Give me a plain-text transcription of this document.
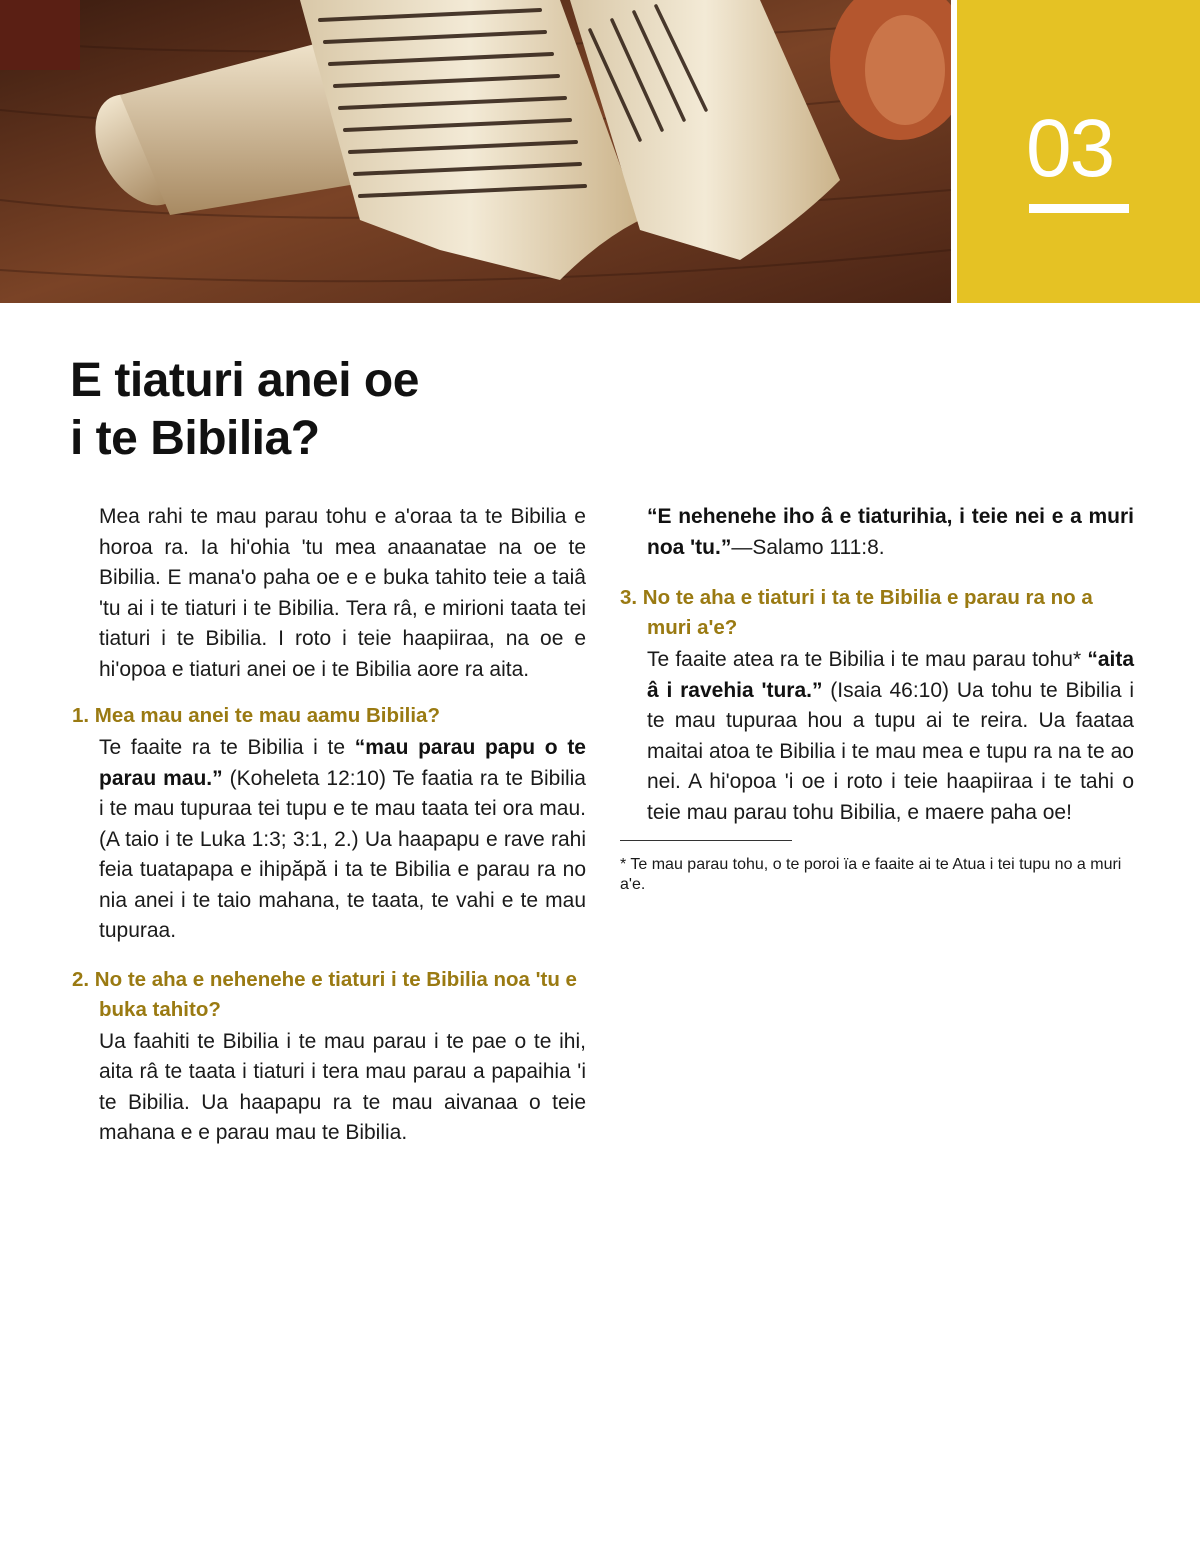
03
E tiaturi anei oe
i te Bibilia?

Mea rahi te mau parau tohu e a'oraa ta te Bibilia e horoa ra. Ia hi'ohia 'tu mea anaanatae na oe te Bibilia. E mana'o paha oe e e buka tahito teie a taiâ 'tu ai i te tiaturi i te Bibilia. Tera râ, e mirioni taata tei tiaturi i te Bibilia. I roto i teie haapiiraa, na oe e hi'opoa e tiaturi anei oe i te Bibilia aore ra aita.

1. Mea mau anei te mau aamu Bibilia?

Te faaite ra te Bibilia i te “mau parau papu o te parau mau.” (Koheleta 12:10) Te faatia ra te Bibilia i te mau tupuraa tei tupu e te mau taata tei ora mau. (A taio i te Luka 1:3; 3:1, 2.) Ua haapapu e rave rahi feia tuatapapa e ihipăpă i ta te Bibilia e parau ra no nia anei i te taio mahana, te taata, te vahi e te mau tupuraa.

2. No te aha e nehenehe e tiaturi i te Bibilia noa 'tu e buka tahito?

Ua faahiti te Bibilia i te mau parau i te pae o te ihi, aita râ te taata i tiaturi i tera mau parau a papaihia 'i te Bibilia. Ua haapapu ra te mau aivanaa o teie mahana e e parau mau te Bibilia.

“E nehenehe iho â e tiaturihia, i teie nei e a muri noa 'tu.”—Salamo 111:8.

3. No te aha e tiaturi i ta te Bibilia e parau ra no a muri a'e?

Te faaite atea ra te Bibilia i te mau parau tohu* “aita â i ravehia 'tura.” (Isaia 46:10) Ua tohu te Bibilia i te mau tupuraa hou a tupu ai te reira. Ua faataa maitai atoa te Bibilia i te mau mea e tupu ra na te ao nei. A hi'opoa 'i oe i roto i teie haapiiraa i te tahi o teie mau parau tohu Bibilia, e maere paha oe!

* Te mau parau tohu, o te poroi ïa e faaite ai te Atua i tei tupu no a muri a'e.
